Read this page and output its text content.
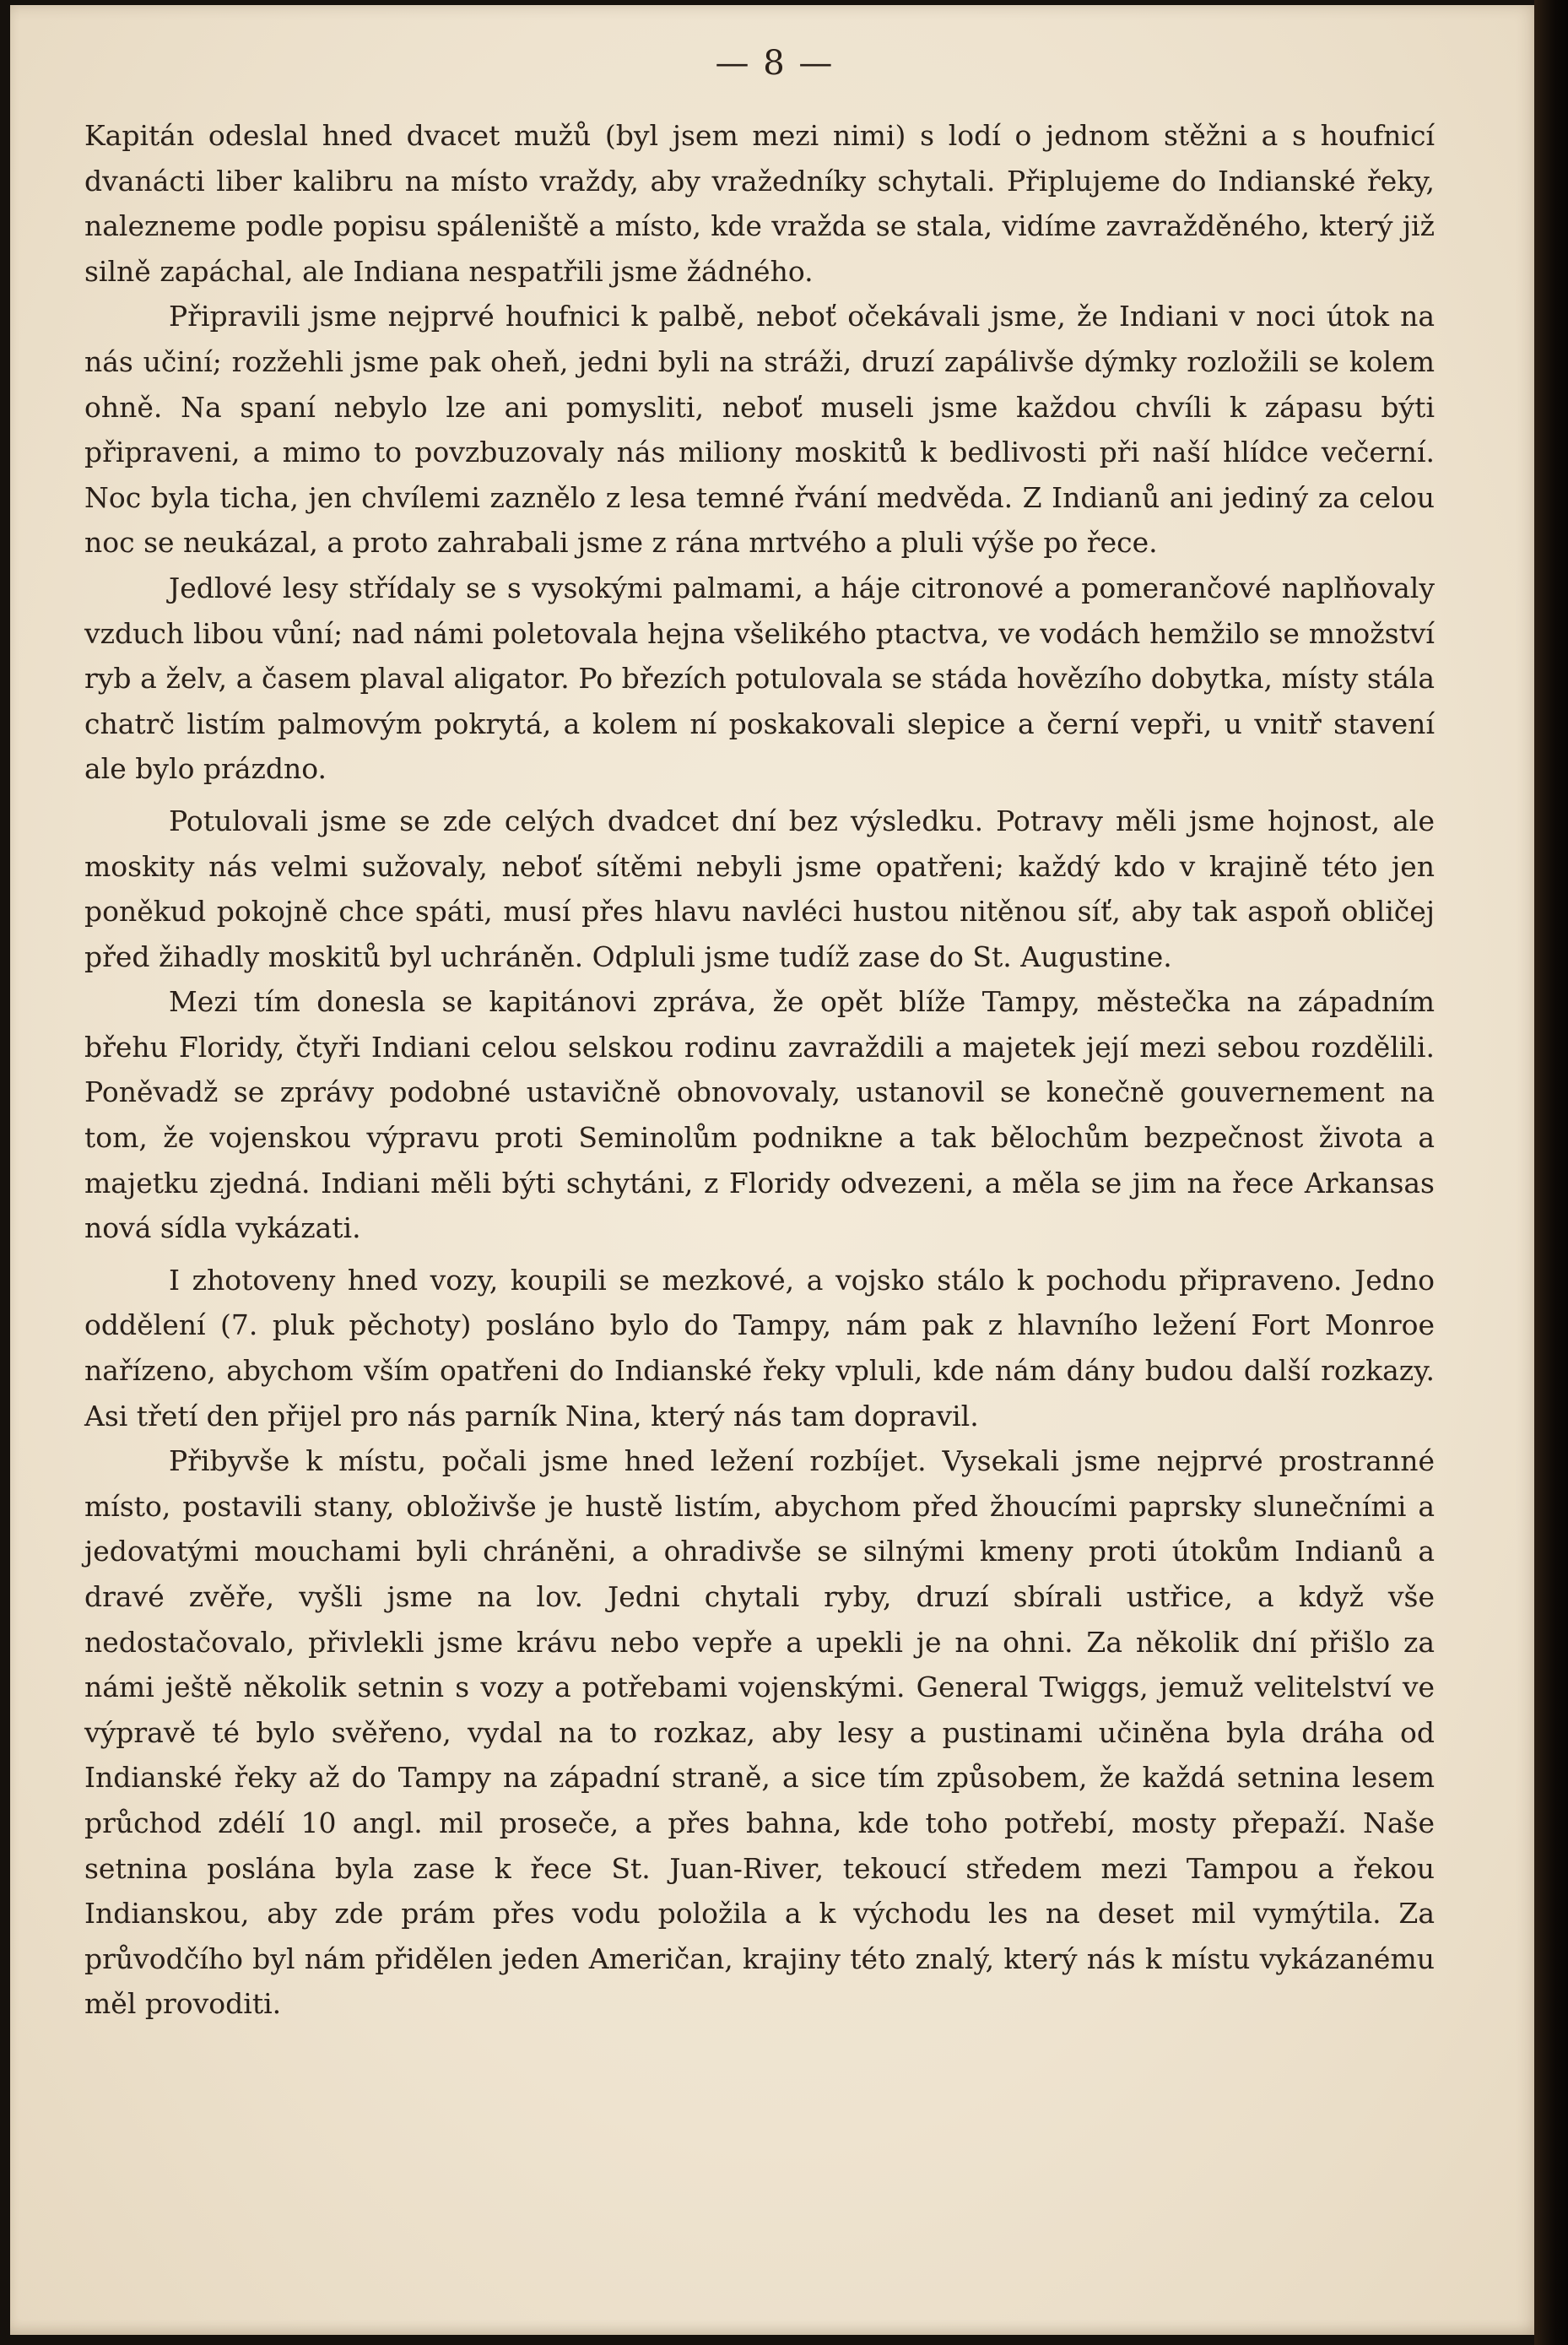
— 8 —

Kapitán odeslal hned dvacet mužů (byl jsem mezi nimi) s lodí o jednom stěžni a s houfnicí dvanácti liber kalibru na místo vraždy, aby vražedníky schytali. Připlujeme do Indianské řeky, nalezneme podle popisu spáleniště a místo, kde vražda se stala, vidíme zavražděného, který již silně zapáchal, ale Indiana nespatřili jsme žádného.

Připravili jsme nejprvé houfnici k palbě, neboť očekávali jsme, že Indiani v noci útok na nás učiní; rozžehli jsme pak oheň, jedni byli na stráži, druzí zapálivše dýmky rozložili se kolem ohně. Na spaní nebylo lze ani pomysliti, neboť museli jsme každou chvíli k zápasu býti připraveni, a mimo to povzbuzovaly nás miliony moskitů k bedlivosti při naší hlídce večerní. Noc byla ticha, jen chvílemi zaznělo z lesa temné řvání medvěda. Z Indianů ani jediný za celou noc se neukázal, a proto zahrabali jsme z rána mrtvého a pluli výše po řece.

Jedlové lesy střídaly se s vysokými palmami, a háje citronové a pomerančové naplňovaly vzduch libou vůní; nad námi poletovala hejna všelikého ptactva, ve vodách hemžilo se množství ryb a želv, a časem plaval aligator. Po březích potulovala se stáda hovězího dobytka, místy stála chatrč listím palmovým pokrytá, a kolem ní poskakovali slepice a černí vepři, u vnitř stavení ale bylo prázdno.

Potulovali jsme se zde celých dvadcet dní bez výsledku. Potravy měli jsme hojnost, ale moskity nás velmi sužovaly, neboť sítěmi nebyli jsme opatřeni; každý kdo v krajině této jen poněkud pokojně chce spáti, musí přes hlavu navléci hustou nitěnou síť, aby tak aspoň obličej před žihadly moskitů byl uchráněn. Odpluli jsme tudíž zase do St. Augustine.

Mezi tím donesla se kapitánovi zpráva, že opět blíže Tampy, městečka na západním břehu Floridy, čtyři Indiani celou selskou rodinu zavraždili a majetek její mezi sebou rozdělili. Poněvadž se zprávy podobné ustavičně obnovovaly, ustanovil se konečně gouvernement na tom, že vojenskou výpravu proti Seminolům podnikne a tak bělochům bezpečnost života a majetku zjedná. Indiani měli býti schytáni, z Floridy odvezeni, a měla se jim na řece Arkansas nová sídla vykázati.

I zhotoveny hned vozy, koupili se mezkové, a vojsko stálo k pochodu připraveno. Jedno oddělení (7. pluk pěchoty) posláno bylo do Tampy, nám pak z hlavního ležení Fort Monroe nařízeno, abychom vším opatřeni do Indianské řeky vpluli, kde nám dány budou další rozkazy. Asi třetí den přijel pro nás parník Nina, který nás tam dopravil.

Přibyvše k místu, počali jsme hned ležení rozbíjet. Vysekali jsme nejprvé prostranné místo, postavili stany, obloživše je hustě listím, abychom před žhoucími paprsky slunečními a jedovatými mouchami byli chráněni, a ohradivše se silnými kmeny proti útokům Indianů a dravé zvěře, vyšli jsme na lov. Jedni chytali ryby, druzí sbírali ustřice, a když vše nedostačovalo, přivlekli jsme krávu nebo vepře a upekli je na ohni. Za několik dní přišlo za námi ještě několik setnin s vozy a potřebami vojenskými. General Twiggs, jemuž velitelství ve výpravě té bylo svěřeno, vydal na to rozkaz, aby lesy a pustinami učiněna byla dráha od Indianské řeky až do Tampy na západní straně, a sice tím způsobem, že každá setnina lesem průchod zdélí 10 angl. mil proseče, a přes bahna, kde toho potřebí, mosty přepaží. Naše setnina poslána byla zase k řece St. Juan-River, tekoucí středem mezi Tampou a řekou Indianskou, aby zde prám přes vodu položila a k východu les na deset mil vymýtila. Za průvodčího byl nám přidělen jeden Američan, krajiny této znalý, který nás k místu vykázanému měl provoditi.
